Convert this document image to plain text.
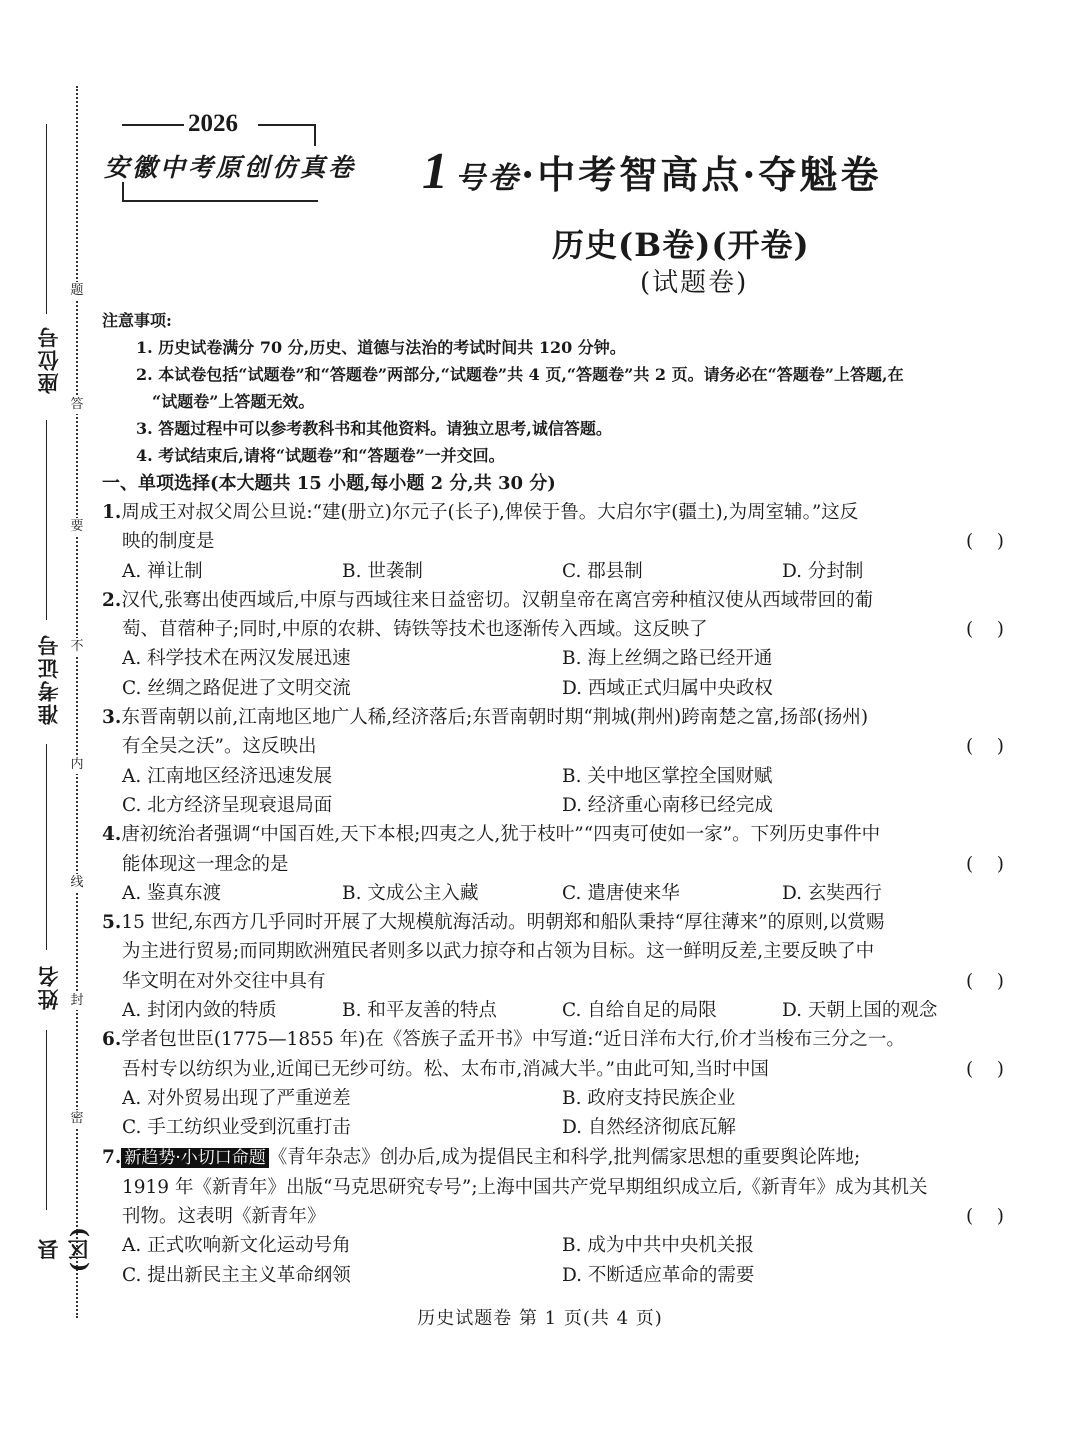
题
答
要
不
内
线
封
密
座位号
准考证号
姓名
县(区)
2026
安徽中考原创仿真卷 1 号卷·中考智高点·夺魁卷
历史(B卷)(开卷)
(试题卷)
注意事项:
1. 历史试卷满分 70 分,历史、道德与法治的考试时间共 120 分钟。
2. 本试卷包括“试题卷”和“答题卷”两部分,“试题卷”共 4 页,“答题卷”共 2 页。请务必在“答题卷”上答题,在
“试题卷”上答题无效。
3. 答题过程中可以参考教科书和其他资料。请独立思考,诚信答题。
4. 考试结束后,请将“试题卷”和“答题卷”一并交回。
一、单项选择(本大题共 15 小题,每小题 2 分,共 30 分)
1.周成王对叔父周公旦说:“建(册立)尔元子(长子),俾侯于鲁。大启尔宇(疆土),为周室辅。”这反
映的制度是	(    )
A. 禅让制	B. 世袭制	C. 郡县制	D. 分封制
2.汉代,张骞出使西域后,中原与西域往来日益密切。汉朝皇帝在离宫旁种植汉使从西域带回的葡
萄、苜蓿种子;同时,中原的农耕、铸铁等技术也逐渐传入西域。这反映了	(    )
A. 科学技术在两汉发展迅速	B. 海上丝绸之路已经开通
C. 丝绸之路促进了文明交流	D. 西域正式归属中央政权
3.东晋南朝以前,江南地区地广人稀,经济落后;东晋南朝时期“荆城(荆州)跨南楚之富,扬部(扬州)
有全吴之沃”。这反映出	(    )
A. 江南地区经济迅速发展	B. 关中地区掌控全国财赋
C. 北方经济呈现衰退局面	D. 经济重心南移已经完成
4.唐初统治者强调“中国百姓,天下本根;四夷之人,犹于枝叶”“四夷可使如一家”。下列历史事件中
能体现这一理念的是	(    )
A. 鉴真东渡	B. 文成公主入藏	C. 遣唐使来华	D. 玄奘西行
5.15 世纪,东西方几乎同时开展了大规模航海活动。明朝郑和船队秉持“厚往薄来”的原则,以赏赐
为主进行贸易;而同期欧洲殖民者则多以武力掠夺和占领为目标。这一鲜明反差,主要反映了中
华文明在对外交往中具有	(    )
A. 封闭内敛的特质	B. 和平友善的特点	C. 自给自足的局限	D. 天朝上国的观念
6.学者包世臣(1775—1855 年)在《答族子孟开书》中写道:“近日洋布大行,价才当梭布三分之一。
吾村专以纺织为业,近闻已无纱可纺。松、太布市,消减大半。”由此可知,当时中国	(    )
A. 对外贸易出现了严重逆差	B. 政府支持民族企业
C. 手工纺织业受到沉重打击	D. 自然经济彻底瓦解
7. 新趋势·小切口命题 《青年杂志》创办后,成为提倡民主和科学,批判儒家思想的重要舆论阵地;
1919 年《新青年》出版“马克思研究专号”;上海中国共产党早期组织成立后,《新青年》成为其机关
刊物。这表明《新青年》	(    )
A. 正式吹响新文化运动号角	B. 成为中共中央机关报
C. 提出新民主主义革命纲领	D. 不断适应革命的需要
历史试题卷 第 1 页(共 4 页)
